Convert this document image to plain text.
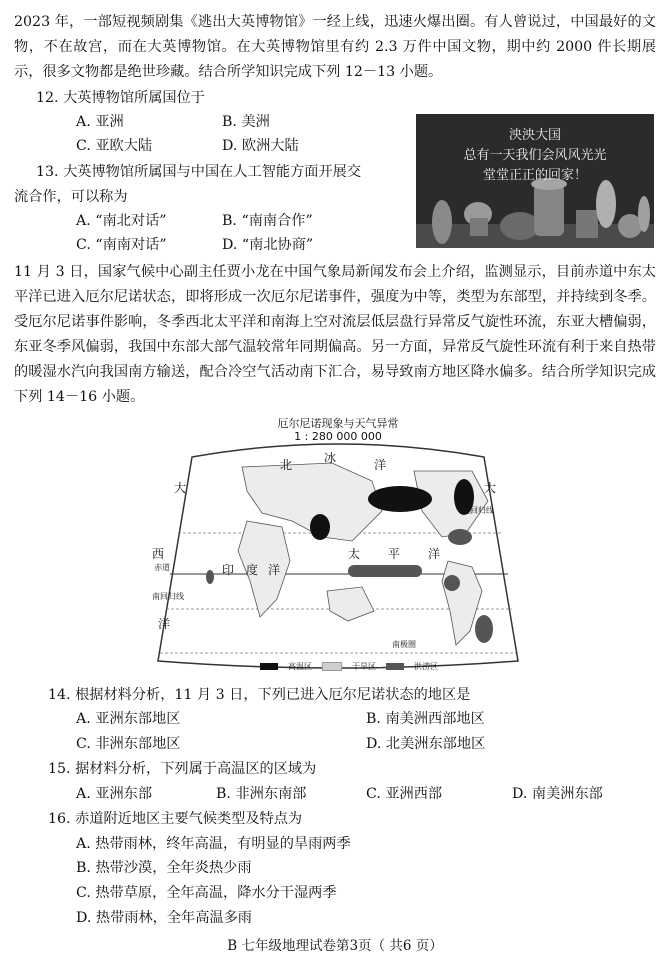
2023 年，一部短视频剧集《逃出大英博物馆》一经上线，迅速火爆出圈。有人曾说过，中国最好的文物，不在故宫，而在大英博物馆。在大英博物馆里有约 2.3 万件中国文物，期中约 2000 件长期展示，很多文物都是绝世珍藏。结合所学知识完成下列 12－13 小题。

12. 大英博物馆所属国位于
A. 亚洲	B. 美洲
C. 亚欧大陆	D. 欧洲大陆
13. 大英博物馆所属国与中国在人工智能方面开展交
流合作，可以称为
A. “南北对话”	B. “南南合作”
C. “南南对话”	D. “南北协商”
泱泱大国
总有一天我们会风风光光
堂堂正正的回家！

11 月 3 日，国家气候中心副主任贾小龙在中国气象局新闻发布会上介绍，监测显示，目前赤道中东太平洋已进入厄尔尼诺状态，即将形成一次厄尔尼诺事件，强度为中等，类型为东部型，并持续到冬季。受厄尔尼诺事件影响，冬季西北太平洋和南海上空对流层低层盘行异常反气旋性环流，东亚大槽偏弱，东亚冬季风偏弱，我国中东部大部气温较常年同期偏高。另一方面，异常反气旋性环流有利于来自热带的暖湿水汽向我国南方输送，配合冷空气活动南下汇合，易导致南方地区降水偏多。结合所学知识完成下列 14－16 小题。

厄尔尼诺现象与天气异常
1 : 280 000 000
北	冰	洋
大	大
北回归线
西
赤道	印 度 洋
太 平 洋
南回归线
洋
南极圈
高温区	干旱区	洪涝区
14. 根据材料分析，11 月 3 日，下列已进入厄尔尼诺状态的地区是
A. 亚洲东部地区	B. 南美洲西部地区
C. 非洲东部地区	D. 北美洲东部地区
15. 据材料分析，下列属于高温区的区域为
A. 亚洲东部	B. 非洲东南部	C. 亚洲西部	D. 南美洲东部
16. 赤道附近地区主要气候类型及特点为
A. 热带雨林，终年高温，有明显的旱雨两季
B. 热带沙漠，全年炎热少雨
C. 热带草原，全年高温，降水分干湿两季
D. 热带雨林，全年高温多雨
B 七年级地理试卷第3页（ 共6 页）
